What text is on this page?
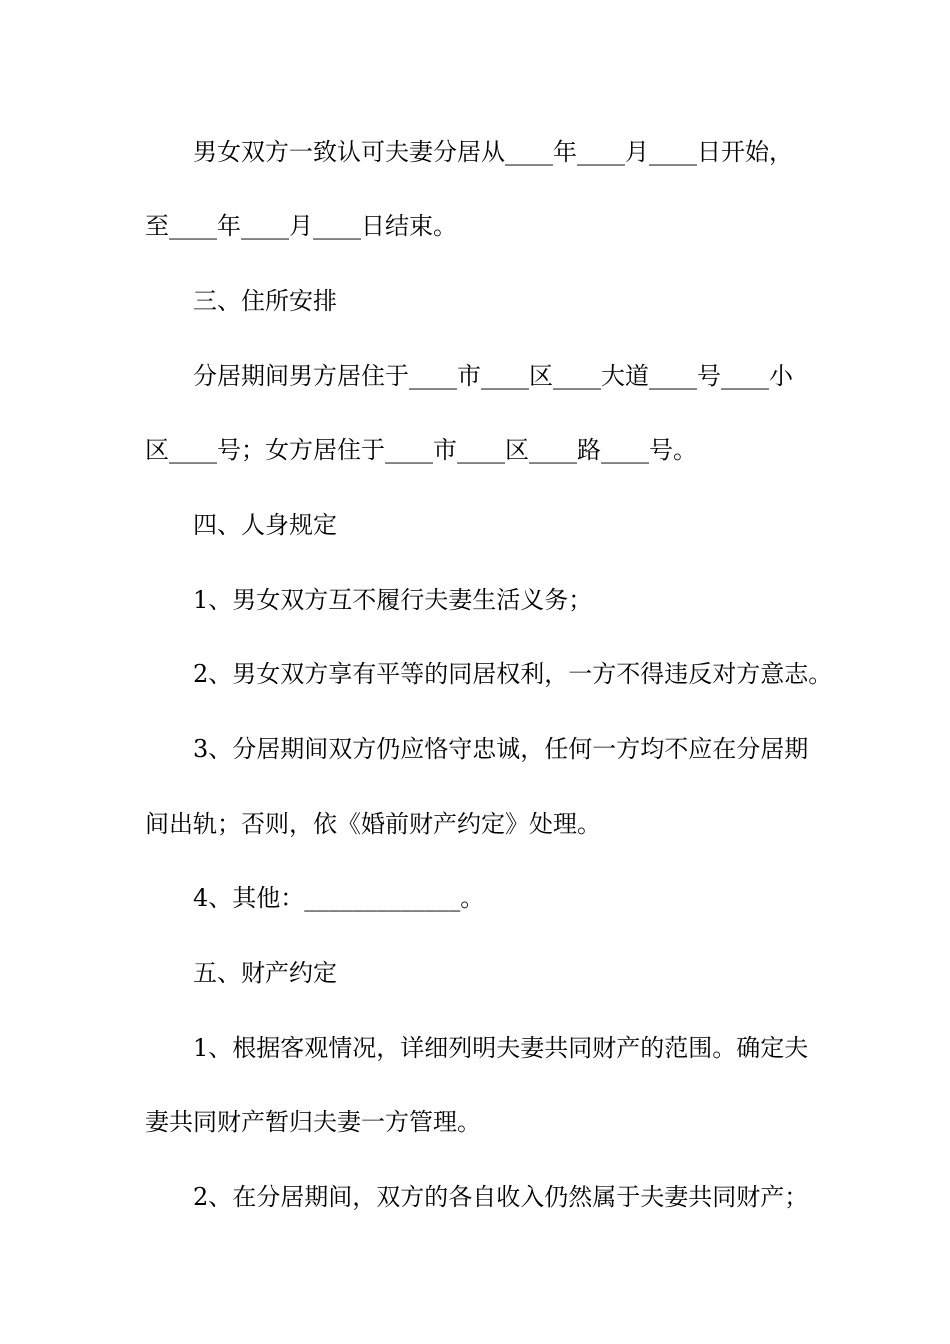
男女双方一致认可夫妻分居从____年____月____日开始，
至____年____月____日结束。
三、住所安排
分居期间男方居住于____市____区____大道____号____小
区____号；女方居住于____市____区____路____号。
四、人身规定
1、男女双方互不履行夫妻生活义务；
2、男女双方享有平等的同居权利，一方不得违反对方意志。
3、分居期间双方仍应恪守忠诚，任何一方均不应在分居期
间出轨；否则，依《婚前财产约定》处理。
4、其他：_____________。
五、财产约定
1、根据客观情况，详细列明夫妻共同财产的范围。确定夫
妻共同财产暂归夫妻一方管理。
2、在分居期间，双方的各自收入仍然属于夫妻共同财产；
